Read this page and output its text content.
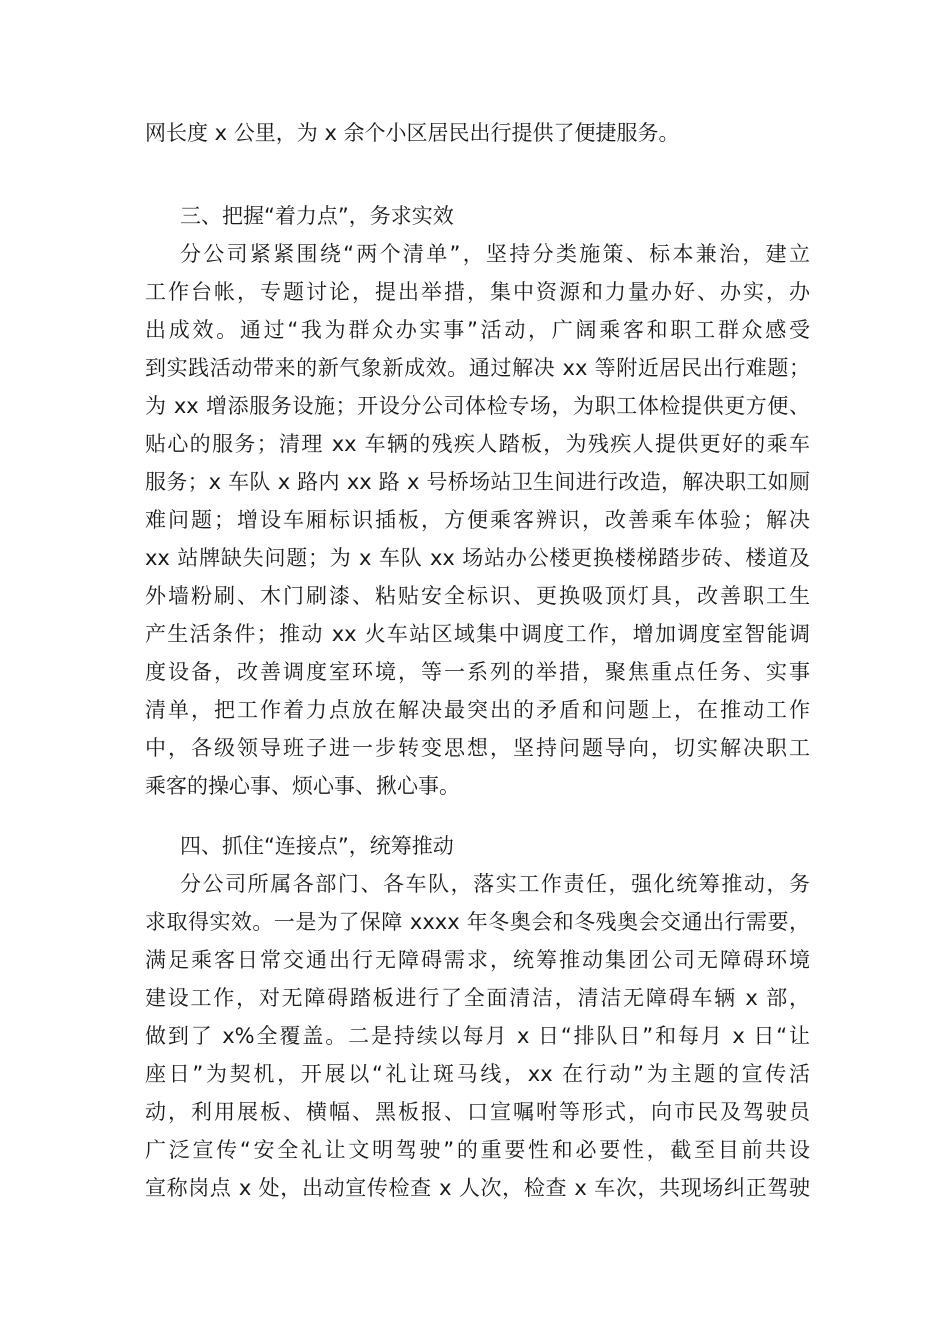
网长度 x 公里，为 x 余个小区居民出行提供了便捷服务。
三、把握“着力点”，务求实效
分公司紧紧围绕“两个清单”，坚持分类施策、标本兼治，建立
工作台帐，专题讨论，提出举措，集中资源和力量办好、办实，办
出成效。通过“我为群众办实事”活动，广阔乘客和职工群众感受
到实践活动带来的新气象新成效。通过解决 xx 等附近居民出行难题；
为 xx 增添服务设施；开设分公司体检专场，为职工体检提供更方便、
贴心的服务；清理 xx 车辆的残疾人踏板，为残疾人提供更好的乘车
服务；x 车队 x 路内 xx 路 x 号桥场站卫生间进行改造，解决职工如厕
难问题；增设车厢标识插板，方便乘客辨识，改善乘车体验；解决
xx 站牌缺失问题；为 x 车队 xx 场站办公楼更换楼梯踏步砖、楼道及
外墙粉刷、木门刷漆、粘贴安全标识、更换吸顶灯具，改善职工生
产生活条件；推动 xx 火车站区域集中调度工作，增加调度室智能调
度设备，改善调度室环境，等一系列的举措，聚焦重点任务、实事
清单，把工作着力点放在解决最突出的矛盾和问题上，在推动工作
中，各级领导班子进一步转变思想，坚持问题导向，切实解决职工
乘客的操心事、烦心事、揪心事。
四、抓住“连接点”，统筹推动
分公司所属各部门、各车队，落实工作责任，强化统筹推动，务
求取得实效。一是为了保障 xxxx 年冬奥会和冬残奥会交通出行需要，
满足乘客日常交通出行无障碍需求，统筹推动集团公司无障碍环境
建设工作，对无障碍踏板进行了全面清洁，清洁无障碍车辆 x 部，
做到了 x%全覆盖。二是持续以每月 x 日“排队日”和每月 x 日“让
座日”为契机，开展以“礼让斑马线，xx 在行动”为主题的宣传活
动，利用展板、横幅、黑板报、口宣嘱咐等形式，向市民及驾驶员
广泛宣传“安全礼让文明驾驶”的重要性和必要性，截至目前共设
宣称岗点 x 处，出动宣传检查 x 人次，检查 x 车次，共现场纠正驾驶
